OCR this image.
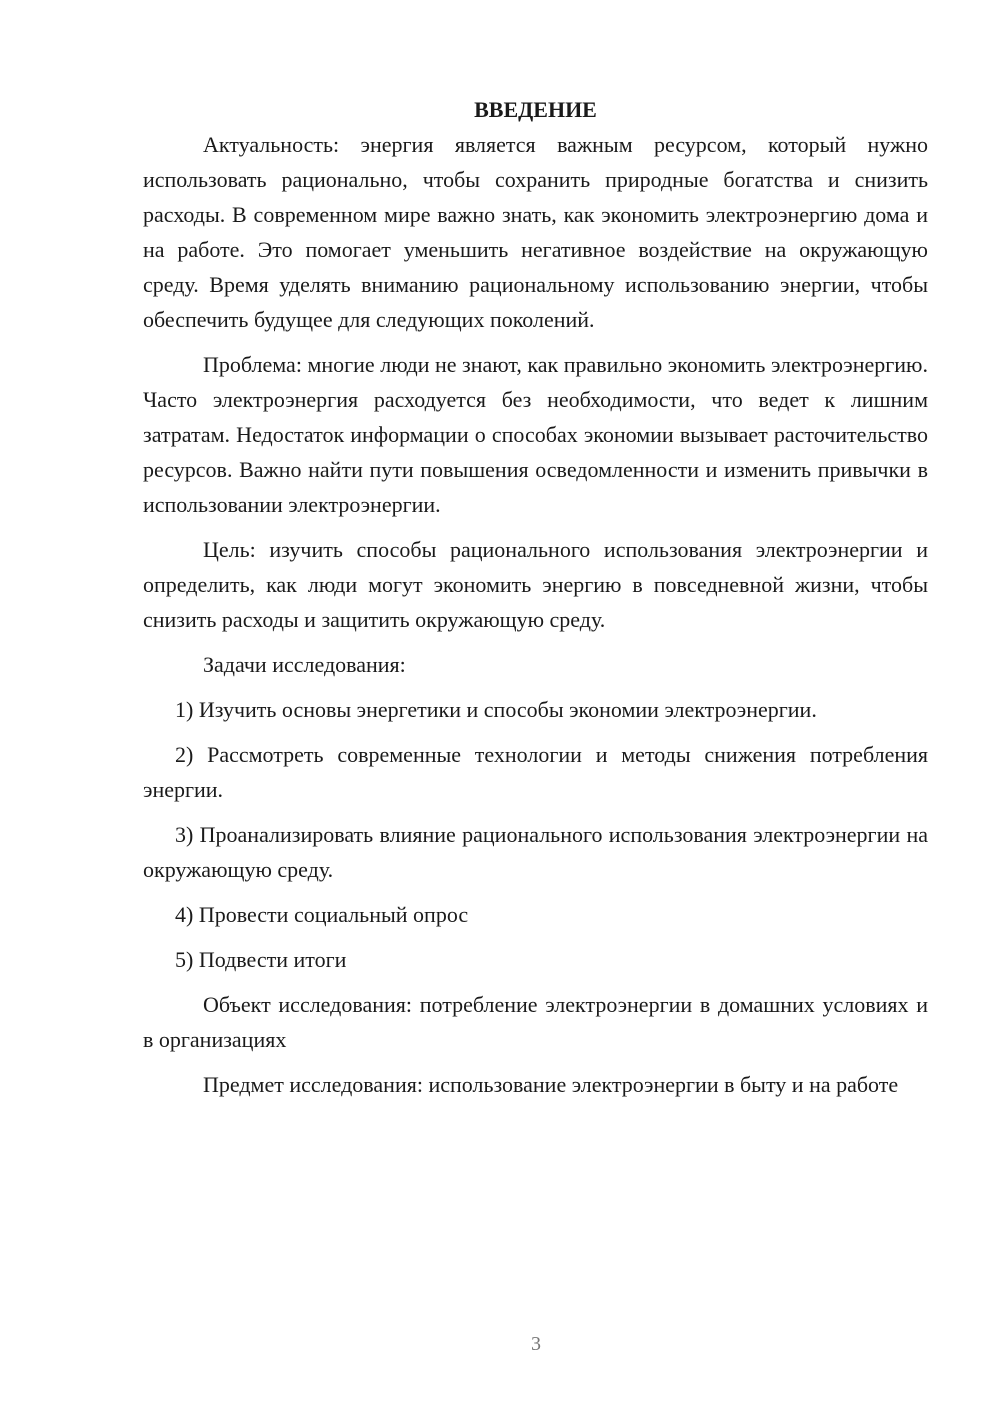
ВВЕДЕНИЕ

Актуальность: энергия является важным ресурсом, который нужно использовать рационально, чтобы сохранить природные богатства и снизить расходы. В современном мире важно знать, как экономить электроэнергию дома и на работе. Это помогает уменьшить негативное воздействие на окружающую среду. Время уделять вниманию рациональному использованию энергии, чтобы обеспечить будущее для следующих поколений.

Проблема: многие люди не знают, как правильно экономить электроэнергию. Часто электроэнергия расходуется без необходимости, что ведет к лишним затратам. Недостаток информации о способах экономии вызывает расточительство ресурсов. Важно найти пути повышения осведомленности и изменить привычки в использовании электроэнергии.

Цель: изучить способы рационального использования электроэнергии и определить, как люди могут экономить энергию в повседневной жизни, чтобы снизить расходы и защитить окружающую среду.

Задачи исследования:

1) Изучить основы энергетики и способы экономии электроэнергии.

2) Рассмотреть современные технологии и методы снижения потребления энергии.

3) Проанализировать влияние рационального использования электроэнергии на окружающую среду.

4) Провести социальный опрос

5) Подвести итоги

Объект исследования: потребление электроэнергии в домашних условиях и в организациях

Предмет исследования: использование электроэнергии в быту и на работе

3
